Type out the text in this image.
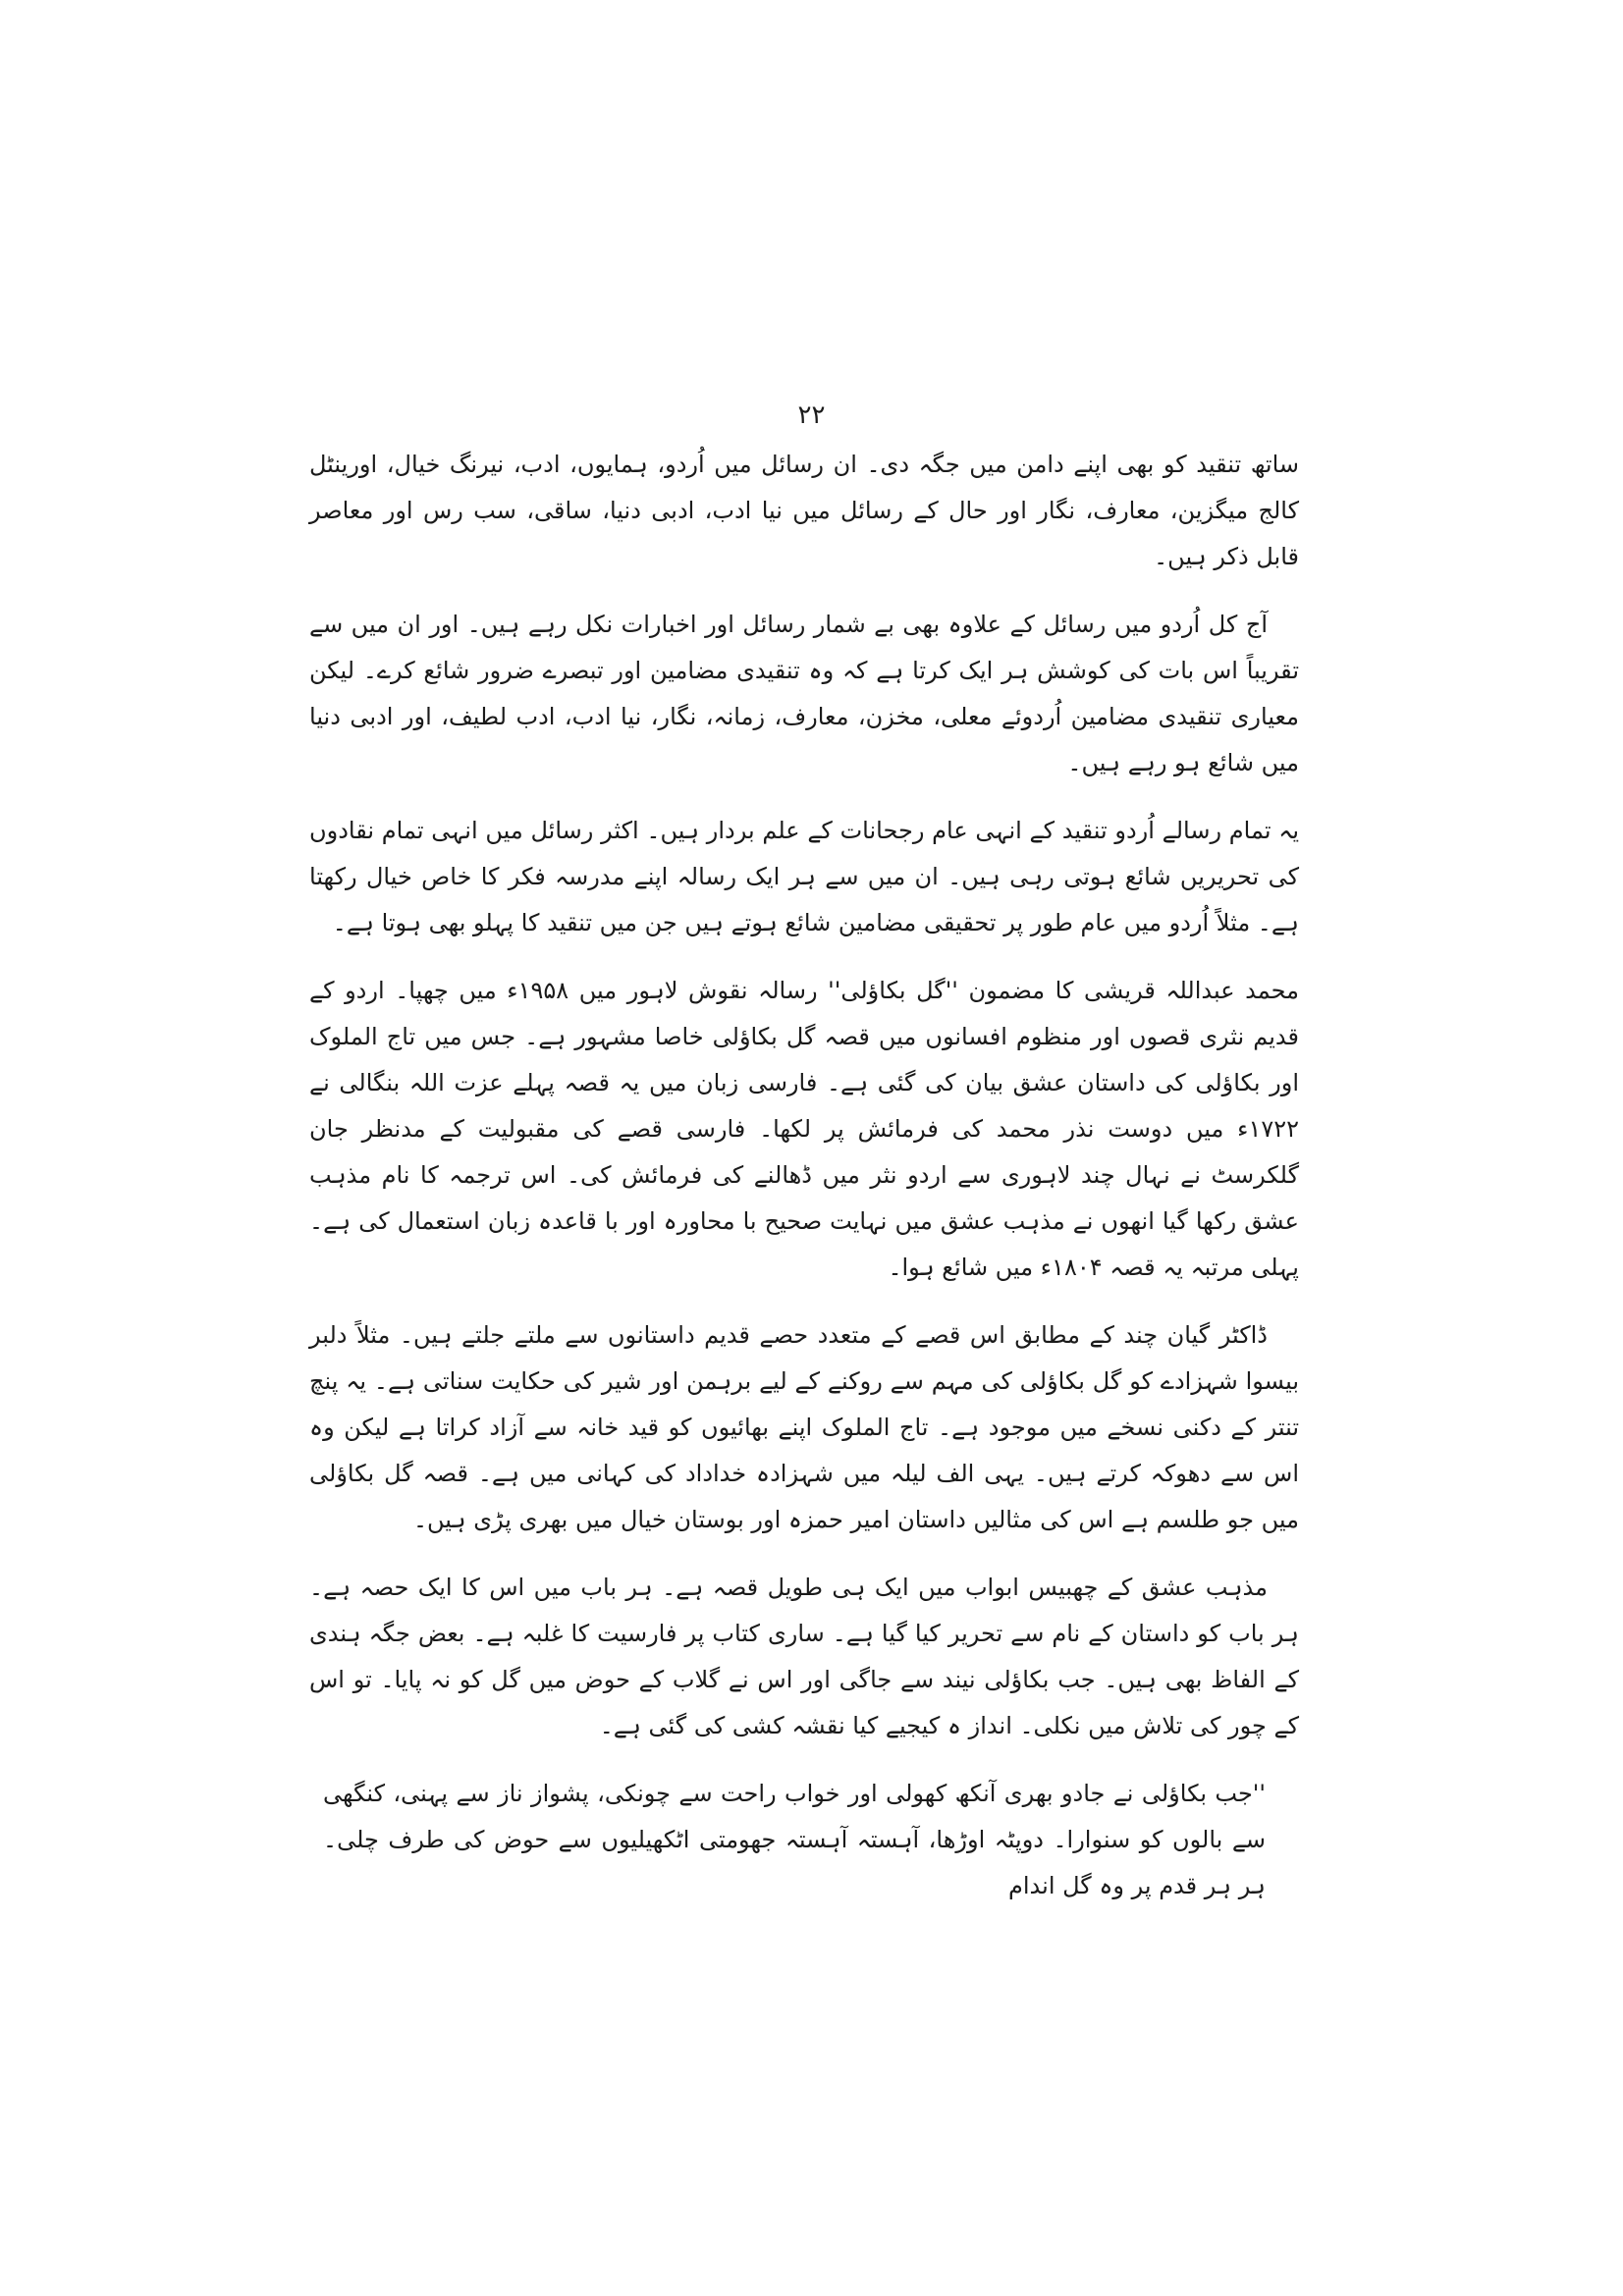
۲۲

ساتھ تنقید کو بھی اپنے دامن میں جگہ دی۔ ان رسائل میں اُردو، ہمایوں، ادب، نیرنگ خیال، اورینٹل کالج میگزین، معارف، نگار اور حال کے رسائل میں نیا ادب، ادبی دنیا، ساقی، سب رس اور معاصر قابل ذکر ہیں۔

آج کل اُردو میں رسائل کے علاوہ بھی بے شمار رسائل اور اخبارات نکل رہے ہیں۔ اور ان میں سے تقریباً اس بات کی کوشش ہر ایک کرتا ہے کہ وہ تنقیدی مضامین اور تبصرے ضرور شائع کرے۔ لیکن معیاری تنقیدی مضامین اُردوئے معلی، مخزن، معارف، زمانہ، نگار، نیا ادب، ادب لطیف، اور ادبی دنیا میں شائع ہو رہے ہیں۔

یہ تمام رسالے اُردو تنقید کے انہی عام رجحانات کے علم بردار ہیں۔ اکثر رسائل میں انہی تمام نقادوں کی تحریریں شائع ہوتی رہی ہیں۔ ان میں سے ہر ایک رسالہ اپنے مدرسہ فکر کا خاص خیال رکھتا ہے۔ مثلاً اُردو میں عام طور پر تحقیقی مضامین شائع ہوتے ہیں جن میں تنقید کا پہلو بھی ہوتا ہے۔

محمد عبداللہ قریشی کا مضمون ''گل بکاؤلی'' رسالہ نقوش لاہور میں ۱۹۵۸ء میں چھپا۔ اردو کے قدیم نثری قصوں اور منظوم افسانوں میں قصہ گل بکاؤلی خاصا مشہور ہے۔ جس میں تاج الملوک اور بکاؤلی کی داستان عشق بیان کی گئی ہے۔ فارسی زبان میں یہ قصہ پہلے عزت اللہ بنگالی نے ۱۷۲۲ء میں دوست نذر محمد کی فرمائش پر لکھا۔ فارسی قصے کی مقبولیت کے مدنظر جان گلکرسٹ نے نہال چند لاہوری سے اردو نثر میں ڈھالنے کی فرمائش کی۔ اس ترجمہ کا نام مذہب عشق رکھا گیا انھوں نے مذہب عشق میں نہایت صحیح با محاورہ اور با قاعدہ زبان استعمال کی ہے۔ پہلی مرتبہ یہ قصہ ۱۸۰۴ء میں شائع ہوا۔

ڈاکٹر گیان چند کے مطابق اس قصے کے متعدد حصے قدیم داستانوں سے ملتے جلتے ہیں۔ مثلاً دلبر بیسوا شہزادے کو گل بکاؤلی کی مہم سے روکنے کے لیے برہمن اور شیر کی حکایت سناتی ہے۔ یہ پنچ تنتر کے دکنی نسخے میں موجود ہے۔ تاج الملوک اپنے بھائیوں کو قید خانہ سے آزاد کراتا ہے لیکن وہ اس سے دھوکہ کرتے ہیں۔ یہی الف لیلہ میں شہزادہ خداداد کی کہانی میں ہے۔ قصہ گل بکاؤلی میں جو طلسم ہے اس کی مثالیں داستان امیر حمزہ اور بوستان خیال میں بھری پڑی ہیں۔

مذہب عشق کے چھبیس ابواب میں ایک ہی طویل قصہ ہے۔ ہر باب میں اس کا ایک حصہ ہے۔ ہر باب کو داستان کے نام سے تحریر کیا گیا ہے۔ ساری کتاب پر فارسیت کا غلبہ ہے۔ بعض جگہ ہندی کے الفاظ بھی ہیں۔ جب بکاؤلی نیند سے جاگی اور اس نے گلاب کے حوض میں گل کو نہ پایا۔ تو اس کے چور کی تلاش میں نکلی۔ انداز ہ کیجیے کیا نقشہ کشی کی گئی ہے۔

''جب بکاؤلی نے جادو بھری آنکھ کھولی اور خواب راحت سے چونکی، پشواز ناز سے پہنی، کنگھی سے بالوں کو سنوارا۔ دوپٹہ اوڑھا، آہستہ آہستہ جھومتی اٹکھیلیوں سے حوض کی طرف چلی۔ ہر ہر قدم پر وہ گل اندام
